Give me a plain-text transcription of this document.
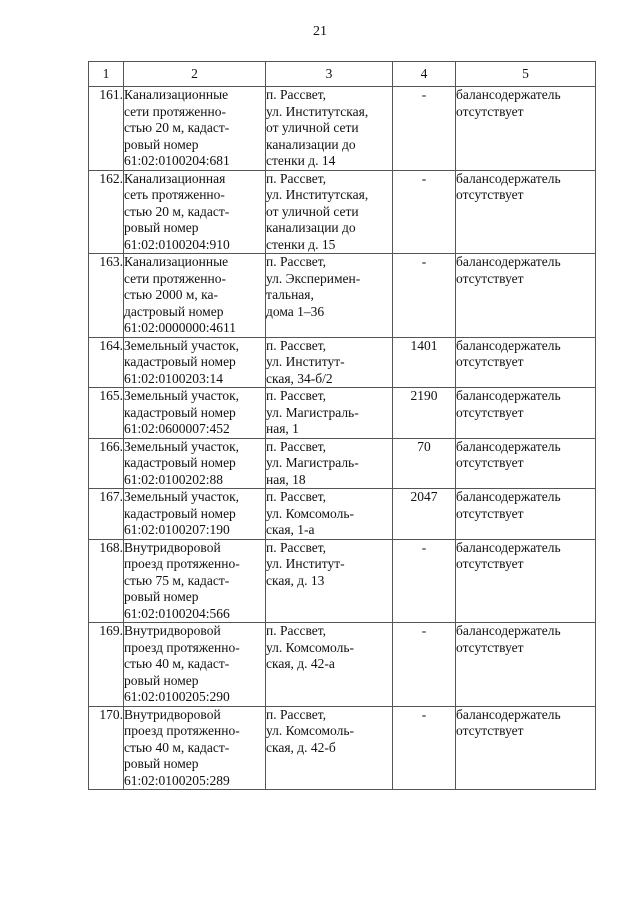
21
1	2	3	4	5
161.	Канализационные
сети протяженно-
стью 20 м, кадаст-
ровый номер
61:02:0100204:681	п. Рассвет,
ул. Институтская,
от уличной сети
канализации до
стенки д. 14	-	балансодержатель
отсутствует

162.	Канализационная
сеть протяженно-
стью 20 м, кадаст-
ровый номер
61:02:0100204:910	п. Рассвет,
ул. Институтская,
от уличной сети
канализации до
стенки д. 15	-	балансодержатель
отсутствует

163.	Канализационные
сети протяженно-
стью 2000 м, ка-
дастровый номер
61:02:0000000:4611	п. Рассвет,
ул. Эксперимен-
тальная,
дома 1–36	-	балансодержатель
отсутствует

164.	Земельный участок,
кадастровый номер
61:02:0100203:14	п. Рассвет,
ул. Институт-
ская, 34-б/2	1401	балансодержатель
отсутствует

165.	Земельный участок,
кадастровый номер
61:02:0600007:452	п. Рассвет,
ул. Магистраль-
ная, 1	2190	балансодержатель
отсутствует

166.	Земельный участок,
кадастровый номер
61:02:0100202:88	п. Рассвет,
ул. Магистраль-
ная, 18	70	балансодержатель
отсутствует

167.	Земельный участок,
кадастровый номер
61:02:0100207:190	п. Рассвет,
ул. Комсомоль-
ская, 1-а	2047	балансодержатель
отсутствует

168.	Внутридворовой
проезд протяженно-
стью 75 м, кадаст-
ровый номер
61:02:0100204:566	п. Рассвет,
ул. Институт-
ская, д. 13	-	балансодержатель
отсутствует

169.	Внутридворовой
проезд протяженно-
стью 40 м, кадаст-
ровый номер
61:02:0100205:290	п. Рассвет,
ул. Комсомоль-
ская, д. 42-а	-	балансодержатель
отсутствует

170.	Внутридворовой
проезд протяженно-
стью 40 м, кадаст-
ровый номер
61:02:0100205:289	п. Рассвет,
ул. Комсомоль-
ская, д. 42-б	-	балансодержатель
отсутствует
